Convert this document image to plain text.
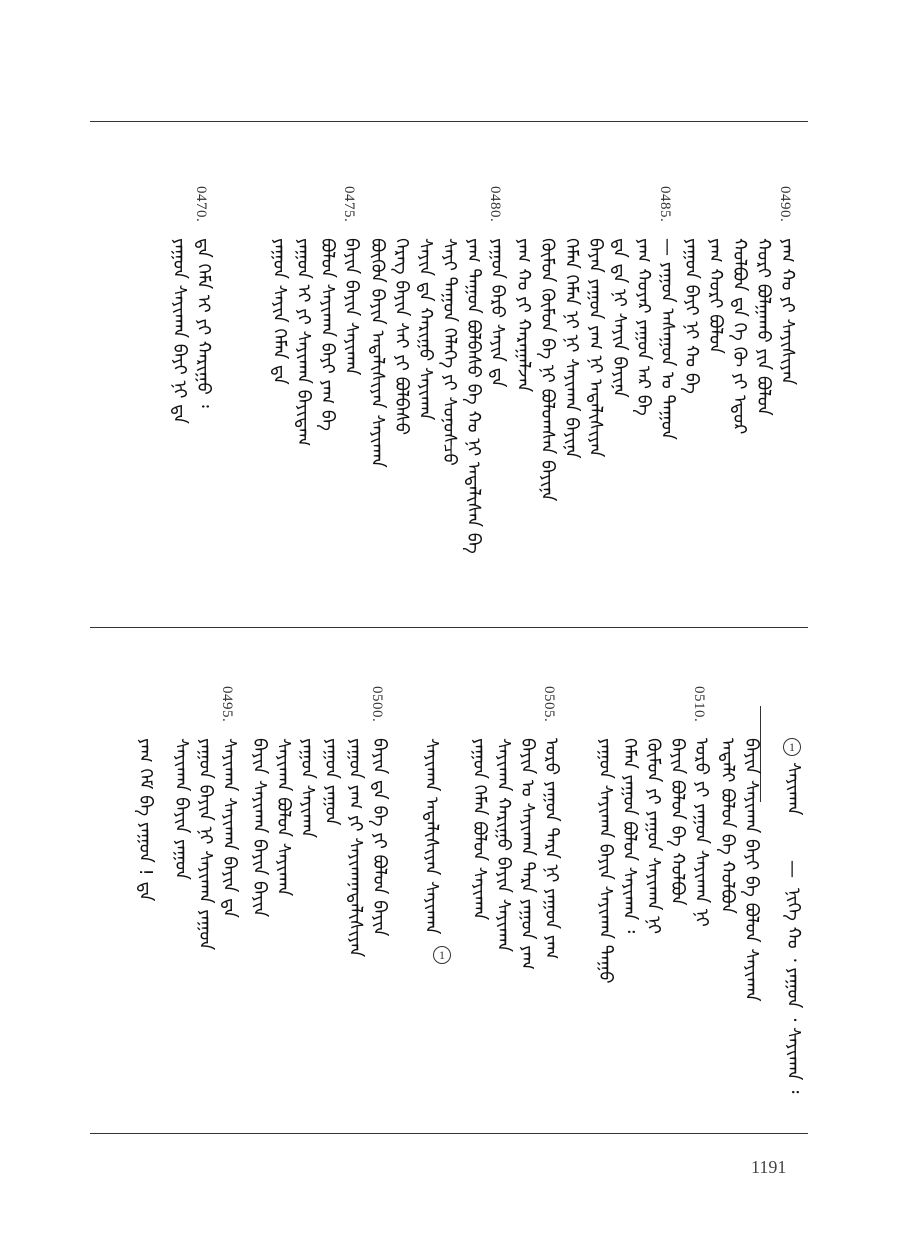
0490.
ᠶᠠᠭ ᠬᠤ ᠶᠢ ᠰᠠᠶᠢᠰᠢᠶᠠᠨ
ᠬᠤᠷᠢ ᠪᠣᠯᠭᠠᠬᠤ ᠶᠢᠨ ᠪᠤᠯᠤᠨ
ᠬᠣᠯᠪᠣᠨ ᠳᠡ ᠬᠡ ᠬᠦ ᠶᠢ ᠡᠳᠦᠷ
ᠶᠠᠭ ᠬᠣᠷᠢ ᠪᠤᠯᠤᠨ
ᠶᠠᠭᠤᠨ ᠪᠠᠶᠢ ᠨᠢ ᠬᠤ ᠪᠠ
0485.
— ᠶᠠᠭᠤᠨ ᠠᠰᠠᠭᠤᠨ ᠤ ᠳᠠᠭᠤᠨ
ᠶᠠᠭ ᠬᠣᠶᠠᠷ ᠶᠠᠭᠤᠨ ᠠᠷ ᠪᠠ
ᠳᠡ ᠳᠡ ᠨᠢ ᠰᠠᠶᠢᠨ ᠪᠠᠶᠢᠨᠠ
ᠪᠠᠶᠠᠨ ᠶᠠᠭᠤᠨ ᠶᠠᠭ ᠨᠢ ᠠᠳᠠᠯᠢᠰᠢᠶᠠᠨ
ᠬᠡᠮᠡᠨ ᠬᠡᠮᠡᠨ ᠨᠢ ᠨᠢ ᠰᠠᠶᠢᠬᠠᠨ ᠪᠠᠶᠢᠨᠠ
ᠬᠦᠮᠦᠨ ᠬᠦᠮᠦᠨ ᠪᠠ ᠨᠢ ᠪᠣᠯᠤᠭᠰᠠᠨ ᠪᠠᠶᠢᠨᠠ
ᠶᠠᠭ ᠬᠤ ᠶᠢ ᠬᠠᠷᠠᠭᠠᠯᠵᠠᠨ
0480.
ᠶᠠᠭᠤᠨ ᠪᠡᠷᠦ ᠰᠠᠶᠢᠨ ᠳᠠ
ᠶᠠᠭ ᠲᠠᠭᠤᠨ ᠪᠣᠯᠪᠠᠰᠤ ᠪᠠ ᠬᠤ ᠨᠢ ᠠᠳᠠᠯᠢᠰᠠᠨ ᠪᠠ
ᠰᠠᠶᠢ ᠳᠠᠭᠤᠨ ᠬᠡᠯᠡᠭᠡ ᠶᠢ ᠰᠣᠨᠣᠰᠴᠤ
ᠰᠠᠶᠢᠨ ᠳᠡ ᠬᠠᠷᠢᠭᠤ ᠰᠠᠶᠢᠬᠠᠨ
ᠬᠡᠷᠡᠭ ᠪᠠᠶᠢᠨ ᠰᠠᠶ ᠶᠢ ᠪᠣᠯᠪᠠᠰᠤ
ᠪᠦᠬᠦᠨ ᠪᠠᠶᠢᠨ ᠠᠳᠠᠯᠢᠰᠢᠶᠠᠨ ᠰᠠᠶᠢᠬᠠᠨ
0475.
ᠪᠠᠶᠢᠨ ᠪᠠᠶᠢᠨ ᠰᠠᠶᠢᠬᠠᠨ
ᠪᠣᠯᠤᠨ ᠰᠠᠶᠢᠬᠠᠨ ᠪᠠᠶᠢ ᠶᠠᠭ ᠪᠠ
ᠶᠠᠭᠤᠨ ᠢ ᠶᠢ ᠰᠠᠶᠢᠬᠠᠨ ᠪᠠᠶᠢᠳᠠᠭ
ᠶᠠᠭᠤᠨ ᠰᠠᠶᠢᠨ ᠬᠡᠮᠡᠨ ᠳᠠ
0470.
ᠳᠡ ᠬᠡᠮᠡ ᠢ ᠶᠢ ᠬᠠᠷᠢᠭᠤ ᠄
ᠶᠠᠭᠤᠨ ᠰᠠᠶᠢᠬᠠᠨ ᠪᠠᠶᠢ ᠨᠢ ᠳᠠ
1
ᠰᠠᠶᠢᠬᠠᠨ
—
ᠨᠢᠭᠡ ᠬᠣ ᠂ ᠶᠠᠭᠤᠨ ᠂ ᠰᠠᠶᠢᠬᠠᠨ ᠄
ᠪᠠᠶᠢᠨ ᠰᠠᠶᠢᠬᠠᠨ ᠪᠠᠶᠢ ᠪᠠ ᠪᠣᠯᠤᠨ ᠰᠠᠶᠢᠬᠠᠨ
ᠠᠳᠠᠯᠢ ᠪᠣᠯᠤᠨ ᠪᠠ ᠬᠣᠯᠪᠣᠨ
0510.
ᠣᠷᠣ ᠶᠢ ᠶᠠᠭᠤᠨ ᠰᠠᠶᠢᠬᠠᠨ ᠨᠢ
ᠪᠠᠶᠢᠨ ᠪᠣᠯᠤᠨ ᠪᠠ ᠬᠣᠯᠪᠣᠨ
ᠬᠦᠮᠦᠨ ᠶᠢ ᠶᠠᠭᠤᠨ ᠰᠠᠶᠢᠬᠠᠨ ᠨᠢ
ᠬᠡᠮᠡᠨ ᠶᠠᠭᠤᠨ ᠪᠣᠯᠤᠨ ᠰᠠᠶᠢᠬᠠᠨ ᠄
ᠶᠠᠭᠤᠨ ᠰᠠᠶᠢᠬᠠᠨ ᠪᠠᠶᠢᠨ ᠰᠠᠶᠢᠬᠠᠨ ᠳᠠᠭᠤ
0505.
ᠣᠷᠣ ᠶᠠᠭᠤᠨ ᠳᠡᠷᠡ ᠨᠢ ᠶᠠᠭᠤᠨ ᠶᠠᠭ
ᠪᠠᠶᠢᠨ ᠤ ᠰᠠᠶᠢᠬᠠᠨ ᠳᠡᠷᠡ ᠶᠠᠭᠤᠨ ᠶᠠᠭ
ᠰᠠᠶᠢᠬᠠᠨ ᠬᠠᠷᠢᠭᠤ ᠪᠠᠶᠢᠨ ᠰᠠᠶᠢᠬᠠᠨ
ᠶᠠᠭᠤᠨ ᠬᠡᠮᠡᠨ ᠪᠣᠯᠤᠨ ᠰᠠᠶᠢᠬᠠᠨ
1
ᠰᠠᠶᠢᠬᠠᠨ ᠠᠳᠠᠯᠢᠰᠢᠶᠠᠨ ᠰᠠᠶᠢᠬᠠᠨ
0500.
ᠪᠠᠶᠢᠨ ᠳᠠ ᠪᠠ ᠶᠢ ᠪᠣᠯᠤᠨ ᠪᠠᠶᠢᠨ
ᠶᠠᠭᠤᠨ ᠶᠠᠭ ᠶᠢ ᠰᠠᠶᠢᠬᠠᠨᠠᠳᠠᠯᠢᠰᠢᠶᠠᠨ
ᠶᠠᠭᠤᠨ ᠶᠠᠭᠤᠨ
ᠶᠠᠭᠤᠨ ᠰᠠᠶᠢᠬᠠᠨ
ᠰᠠᠶᠢᠬᠠᠨ ᠪᠣᠯᠤᠨ ᠰᠠᠶᠢᠬᠠᠨ
ᠪᠠᠶᠢᠨ ᠰᠠᠶᠢᠬᠠᠨ ᠪᠠᠶᠢᠨ ᠪᠠᠶᠢᠨ
0495.
ᠰᠠᠶᠢᠬᠠᠨ ᠰᠠᠶᠢᠬᠠᠨ ᠪᠠᠶᠢᠨ ᠳᠠ
ᠶᠠᠭᠤᠨ ᠪᠠᠶᠢᠨ ᠨᠢ ᠰᠠᠶᠢᠬᠠᠨ ᠶᠠᠭᠤᠨ
ᠰᠠᠶᠢᠬᠠᠨ ᠪᠠᠶᠢᠨ ᠶᠠᠭᠤᠨ
ᠶᠠᠭ ᠬᠡᠮ ᠪᠠ ᠶᠠᠭᠤᠨ ! ᠳᠠ
1191
